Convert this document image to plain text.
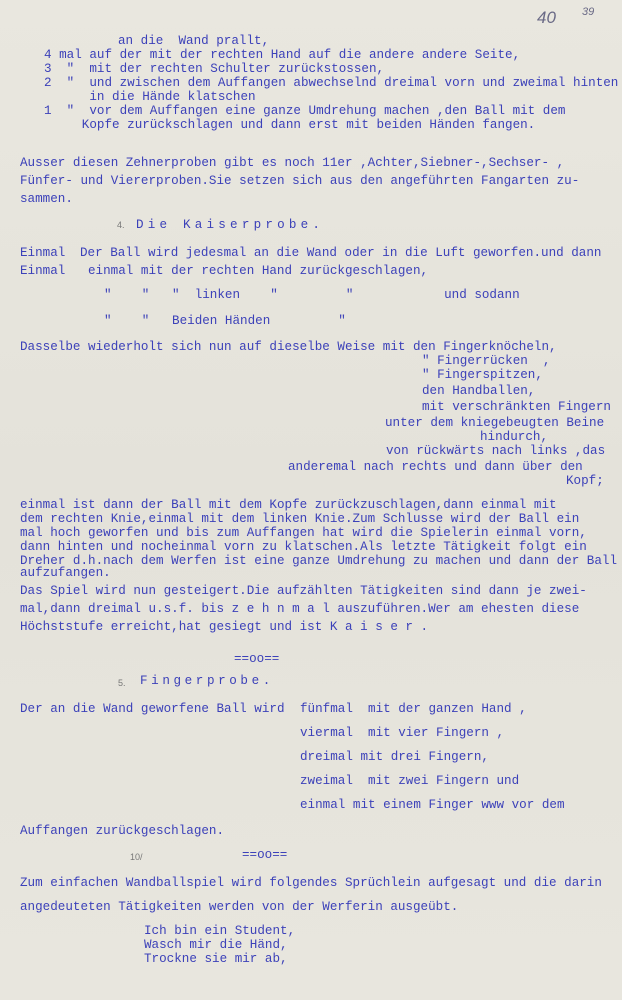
40 39
an die  Wand prallt,
4 mal auf der mit der rechten Hand auf die andere andere Seite,
3  "  mit der rechten Schulter zurückstossen,
2  "  und zwischen dem Auffangen abwechselnd dreimal vorn und zweimal hinten
in die Hände klatschen
1  "  vor dem Auffangen eine ganze Umdrehung machen ,den Ball mit dem
Kopfe zurückschlagen und dann erst mit beiden Händen fangen.
Ausser diesen Zehnerproben gibt es noch 11er ,Achter,Siebner-,Sechser- ,
Fünfer- und Viererproben.Sie setzen sich aus den angeführten Fangarten zu-
sammen.
4. Die Kaiserprobe.
Einmal Der Ball wird jedesmal an die Wand oder in die Luft geworfen.und dann
Einmal einmal mit der rechten Hand zurückgeschlagen,
"    "   "  linken    "         "            und sodann
"    "   Beiden Händen         "
Dasselbe wiederholt sich nun auf dieselbe Weise mit den Fingerknöcheln,
" Fingerrücken  ,
" Fingerspitzen,
den Handballen,
mit verschränkten Fingern
unter dem kniegebeugten Beine
hindurch,
von rückwärts nach links ,das
anderemal nach rechts und dann über den
Kopf;
einmal ist dann der Ball mit dem Kopfe zurückzuschlagen,dann einmal mit
dem rechten Knie,einmal mit dem linken Knie.Zum Schlusse wird der Ball ein
mal hoch geworfen und bis zum Auffangen hat wird die Spielerin einmal vorn,
dann hinten und nocheinmal vorn zu klatschen.Als letzte Tätigkeit folgt ein
Dreher d.h.nach dem Werfen ist eine ganze Umdrehung zu machen und dann der Ball
aufzufangen.
Das Spiel wird nun gesteigert.Die aufzählten Tätigkeiten sind dann je zwei-
mal,dann dreimal u.s.f. bis z e h n m a l auszuführen.Wer am ehesten diese
Höchststufe erreicht,hat gesiegt und ist K a i s e r .
==oo==
5. Fingerprobe.
Der an die Wand geworfene Ball wird fünfmal  mit der ganzen Hand ,
viermal  mit vier Fingern ,
dreimal mit drei Fingern,
zweimal  mit zwei Fingern und
einmal mit einem Finger www vor dem
Auffangen zurückgeschlagen.
10/	==oo==
Zum einfachen Wandballspiel wird folgendes Sprüchlein aufgesagt und die darin
angedeuteten Tätigkeiten werden von der Werferin ausgeübt.
Ich bin ein Student,
Wasch mir die Händ,
Trockne sie mir ab,
